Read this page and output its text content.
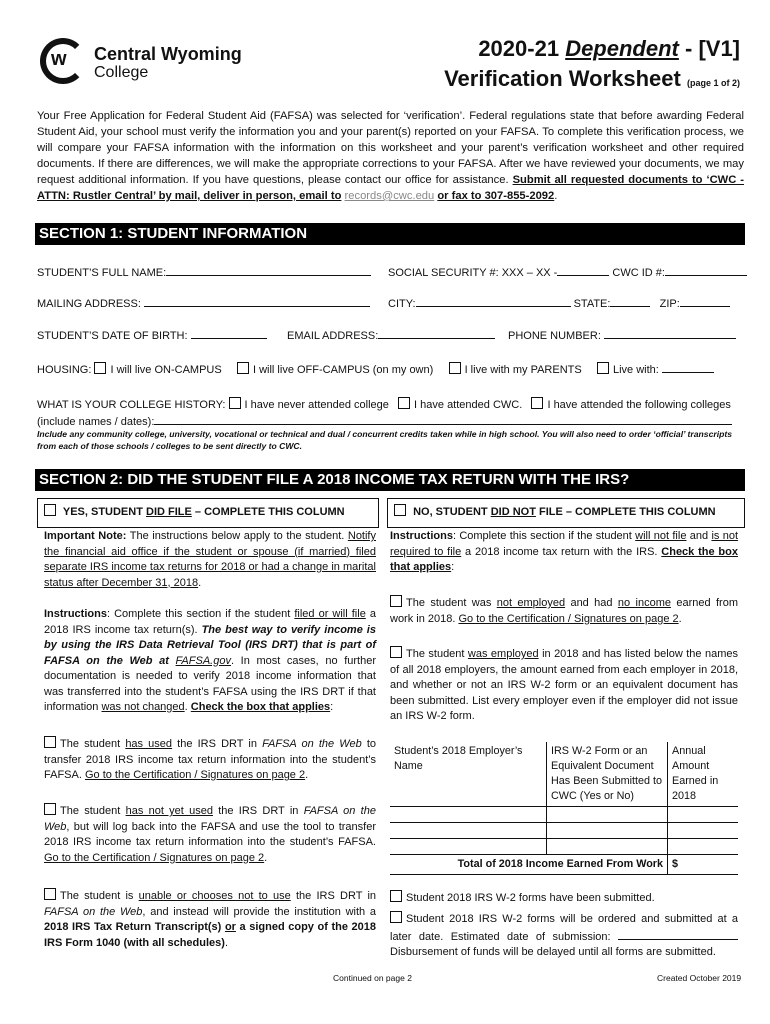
w Central Wyoming
College
2020-21 Dependent - [V1]
Verification Worksheet (page 1 of 2)
Your Free Application for Federal Student Aid (FAFSA) was selected for ‘verification’. Federal regulations state that before awarding Federal Student Aid, your school must verify the information you and your parent(s) reported on your FAFSA. To complete this verification process, we will compare your FAFSA information with the information on this worksheet and your parent’s verification worksheet and other required documents. If there are differences, we will make the appropriate corrections to your FAFSA. After we have reviewed your documents, we may request additional information. If you have questions, please contact our office for assistance. Submit all requested documents to ‘CWC - ATTN: Rustler Central’ by mail, deliver in person, email to records@cwc.edu or fax to 307-855-2092.
SECTION 1: STUDENT INFORMATION
STUDENT’S FULL NAME:	SOCIAL SECURITY #: XXX – XX -	CWC ID #:
MAILING ADDRESS:	CITY:	STATE:	ZIP:
STUDENT’S DATE OF BIRTH:	EMAIL ADDRESS:	PHONE NUMBER:
HOUSING: I will live ON-CAMPUS	I will live OFF-CAMPUS (on my own)	I live with my PARENTS	Live with:
WHAT IS YOUR COLLEGE HISTORY: I have never attended college I have attended CWC. I have attended the following colleges
(include names / dates):
Include any community college, university, vocational or technical and dual / concurrent credits taken while in high school. You will also need to order ‘official’ transcripts from each of those schools / colleges to be sent directly to CWC.
SECTION 2: DID THE STUDENT FILE A 2018 INCOME TAX RETURN WITH THE IRS?
YES, STUDENT DID FILE – COMPLETE THIS COLUMN	NO, STUDENT DID NOT FILE – COMPLETE THIS COLUMN
Important Note: The instructions below apply to the student. Notify the financial aid office if the student or spouse (if married) filed separate IRS income tax returns for 2018 or had a change in marital status after December 31, 2018.
Instructions: Complete this section if the student filed or will file a 2018 IRS income tax return(s). The best way to verify income is by using the IRS Data Retrieval Tool (IRS DRT) that is part of FAFSA on the Web at FAFSA.gov. In most cases, no further documentation is needed to verify 2018 income information that was transferred into the student’s FAFSA using the IRS DRT if that information was not changed. Check the box that applies:
The student has used the IRS DRT in FAFSA on the Web to transfer 2018 IRS income tax return information into the student’s FAFSA. Go to the Certification / Signatures on page 2.
The student has not yet used the IRS DRT in FAFSA on the Web, but will log back into the FAFSA and use the tool to transfer 2018 IRS income tax return information into the student’s FAFSA. Go to the Certification / Signatures on page 2.
The student is unable or chooses not to use the IRS DRT in FAFSA on the Web, and instead will provide the institution with a 2018 IRS Tax Return Transcript(s) or a signed copy of the 2018 IRS Form 1040 (with all schedules).
Instructions: Complete this section if the student will not file and is not required to file a 2018 income tax return with the IRS. Check the box that applies:
The student was not employed and had no income earned from work in 2018. Go to the Certification / Signatures on page 2.
The student was employed in 2018 and has listed below the names of all 2018 employers, the amount earned from each employer in 2018, and whether or not an IRS W-2 form or an equivalent document has been submitted. List every employer even if the employer did not issue an IRS W-2 form.
Student’s 2018 Employer’s Name	IRS W-2 Form or an Equivalent Document Has Been Submitted to CWC (Yes or No)	Annual Amount Earned in 2018

Total of 2018 Income Earned From Work		$
Student 2018 IRS W-2 forms have been submitted.
Student 2018 IRS W-2 forms will be ordered and submitted at a later date. Estimated date of submission:  Disbursement of funds will be delayed until all forms are submitted.
Continued on page 2	Created October 2019
